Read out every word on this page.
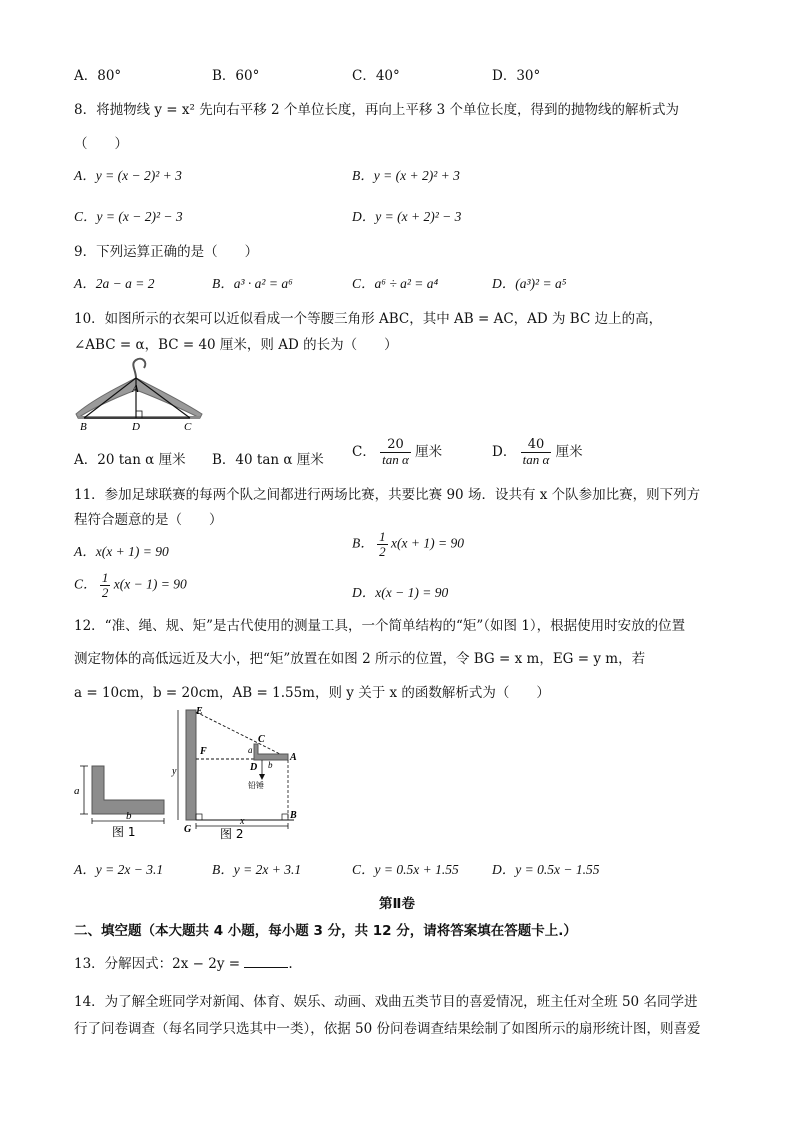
A．80°	B．60°	C．40°	D．30°
8．将抛物线 y = x² 先向右平移 2 个单位长度，再向上平移 3 个单位长度，得到的抛物线的解析式为
（　　）
A．y = (x − 2)² + 3	B．y = (x + 2)² + 3
C．y = (x − 2)² − 3	D．y = (x + 2)² − 3
9．下列运算正确的是（　　）
A．2a − a = 2	B．a³ · a² = a⁶	C．a⁶ ÷ a² = a⁴	D．(a³)² = a⁵
10．如图所示的衣架可以近似看成一个等腰三角形 ABC，其中 AB = AC，AD 为 BC 边上的高，
∠ABC = α，BC = 40 厘米，则 AD 的长为（　　）
A
B	D	C
A．20 tan α 厘米 B．40 tan α 厘米 C． $\frac{20}{\text{tan α}}$ 厘米	D． $\frac{40}{\text{tan α}}$ 厘米
11．参加足球联赛的每两个队之间都进行两场比赛，共要比赛 90 场．设共有 x 个队参加比赛，则下列方
程符合题意的是（　　）
A．x(x + 1) = 90
B． $\frac{1}{2} x(x + 1) = 90$
C． $\frac{1}{2} x(x - 1) = 90$
D．x(x − 1) = 90
12．“准、绳、规、矩”是古代使用的测量工具，一个简单结构的“矩”（如图 1），根据使用时安放的位置
测定物体的高低远近及大小，把“矩”放置在如图 2 所示的位置，令 BG = x m，EG = y m，若
a = 10cm，b = 20cm，AB = 1.55m，则 y 关于 x 的函数解析式为（　　）
a
b
图 1
E
F
y
C
a
b
A
D
铅锤
G
B
x
图 2
A．y = 2x − 3.1	B．y = 2x + 3.1	C．y = 0.5x + 1.55 D．y = 0.5x − 1.55
第Ⅱ卷
二、填空题（本大题共 4 小题，每小题 3 分，共 12 分，请将答案填在答题卡上.）
13．分解因式：2x − 2y =	.
14．为了解全班同学对新闻、体育、娱乐、动画、戏曲五类节目的喜爱情况，班主任对全班 50 名同学进
行了问卷调查（每名同学只选其中一类），依据 50 份问卷调查结果绘制了如图所示的扇形统计图，则喜爱
